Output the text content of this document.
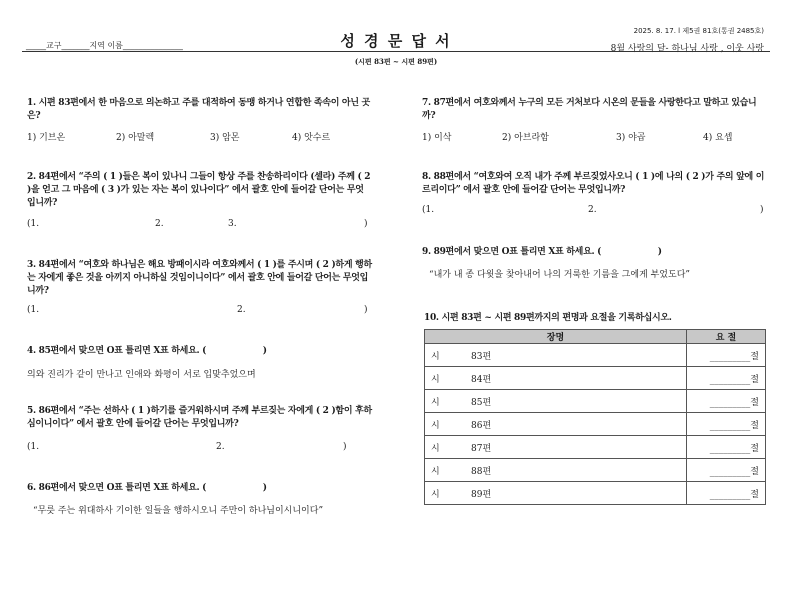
_____교구_______지역 이름_______________	성 경 문 답 서
(시편 83편 ~ 시편 89편)
2025. 8. 17. l 제5권 81호(통권 2485호)
8월 사랑의 달- 하나님 사랑 , 이웃 사랑
1. 시편 83편에서 한 마음으로 의논하고 주를 대적하여 동맹 하거나 연합한 족속이 아닌 곳은?
1) 기브온	2) 아말렉	3) 암몬	4) 앗수르
2. 84편에서 “주의 ( 1 )들은 복이 있나니 그들이 항상 주를 찬송하리이다 (셀라) 주께 ( 2 )을 얻고 그 마음에 ( 3 )가 있는 자는 복이 있나이다” 에서 괄호 안에 들어갈 단어는 무엇입니까?
(1.	2.	3.	)
3. 84편에서 “여호와 하나님은 해요 방패이시라 여호와께서 ( 1 )를 주시며 ( 2 )하게 행하는 자에게 좋은 것을 아끼지 아니하실 것임이니이다” 에서 괄호 안에 들어갈 단어는 무엇입니까?
(1.	2.	)
4. 85편에서 맞으면 O표 틀리면 X표 하세요. (                    )
의와 진리가 같이 만나고 인애와 화평이 서로 입맞추었으며
5. 86편에서 “주는 선하사 ( 1 )하기를 즐거워하시며 주께 부르짖는 자에게 ( 2 )함이 후하심이니이다” 에서 괄호 안에 들어갈 단어는 무엇입니까?
(1.	2.	)
6. 86편에서 맞으면 O표 틀리면 X표 하세요. (                    )
“무릇 주는 위대하사 기이한 일들을 행하시오니 주만이 하나님이시니이다”
7. 87편에서 여호와께서 누구의 모든 거처보다 시온의 문들을 사랑한다고 말하고 있습니까?
1) 이삭	2) 아브라함	3) 야곱	4) 요셉
8. 88편에서 “여호와여 오직 내가 주께 부르짖었사오니 ( 1 )에 나의 ( 2 )가 주의 앞에 이르리이다” 에서 괄호 안에 들어갈 단어는 무엇입니까?
(1.	2.	)
9. 89편에서 맞으면 O표 틀리면 X표 하세요. (                    )
“내가 내 종 다윗을 찾아내어 나의 거룩한 기름을 그에게 부었도다”
10. 시편 83편 ~ 시편 89편까지의 편명과 요절을 기록하십시오.
장명		요 절
시	83편	_________절
시	84편	_________절
시	85편	_________절
시	86편	_________절
시	87편	_________절
시	88편	_________절
시	89편	_________절
